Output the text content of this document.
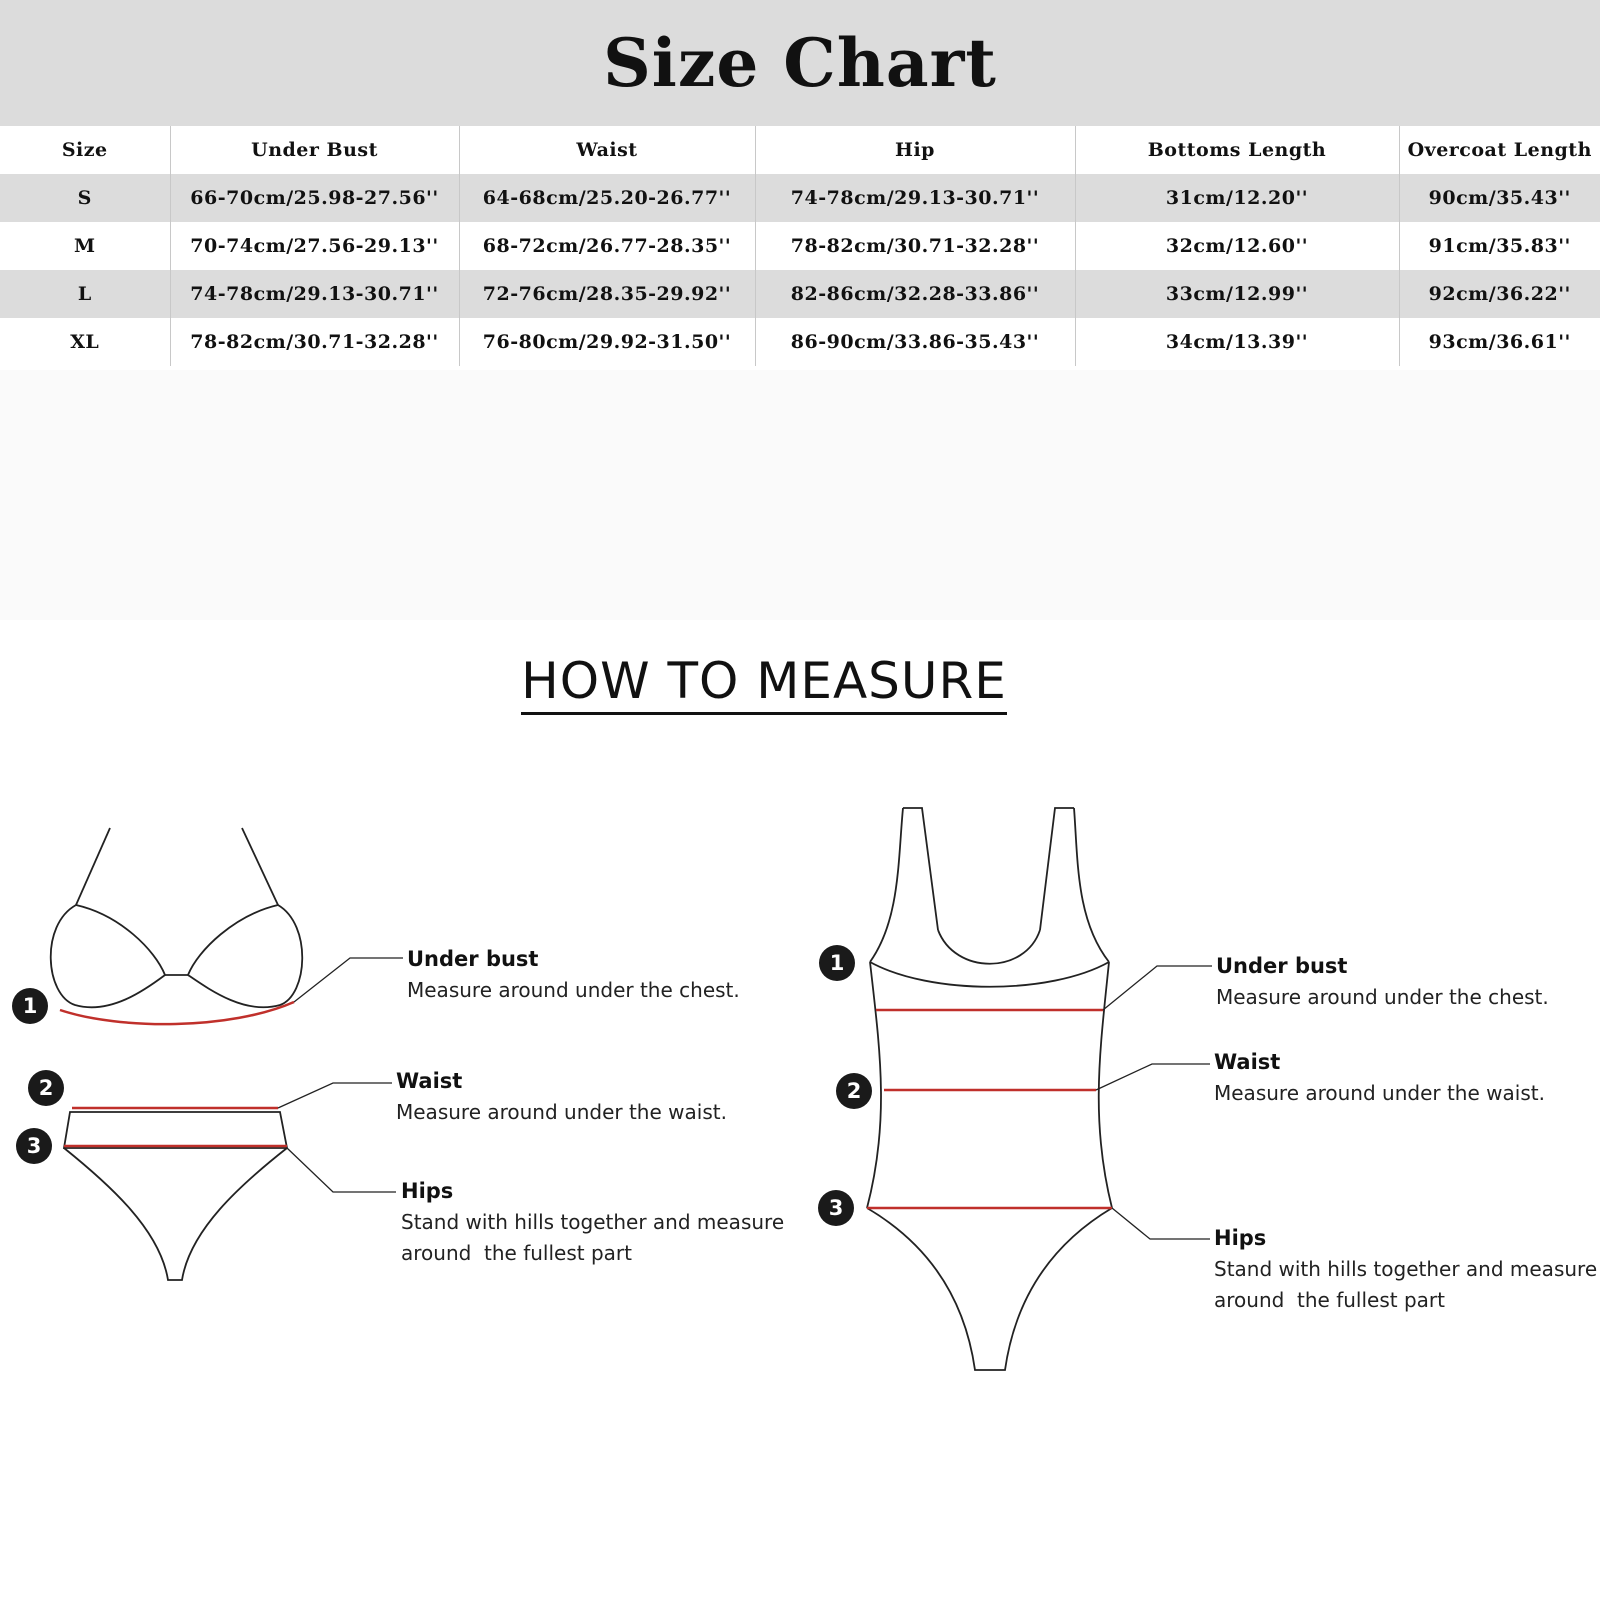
Size Chart
Size	Under Bust	Waist	Hip	Bottoms Length	Overcoat Length
S	66-70cm/25.98-27.56''	64-68cm/25.20-26.77''	74-78cm/29.13-30.71''	31cm/12.20''	90cm/35.43''
M	70-74cm/27.56-29.13''	68-72cm/26.77-28.35''	78-82cm/30.71-32.28''	32cm/12.60''	91cm/35.83''
L	74-78cm/29.13-30.71''	72-76cm/28.35-29.92''	82-86cm/32.28-33.86''	33cm/12.99''	92cm/36.22''
XL	78-82cm/30.71-32.28''	76-80cm/29.92-31.50''	86-90cm/33.86-35.43''	34cm/13.39''	93cm/36.61''
HOW TO MEASURE
1
2
3
1
2
3
Under bust
Measure around under the chest.
Waist
Measure around under the waist.
Hips
Stand with hills together and measure
around  the fullest part
Under bust
Measure around under the chest.
Waist
Measure around under the waist.
Hips
Stand with hills together and measure
around  the fullest part
